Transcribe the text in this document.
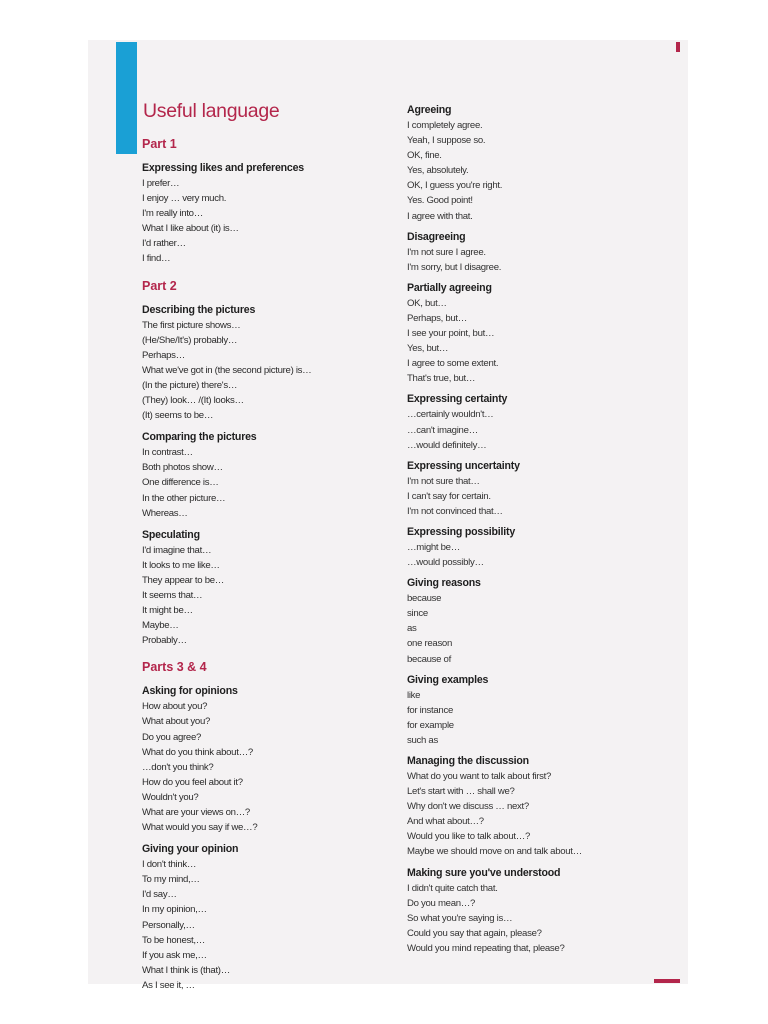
Useful language
Part 1
Expressing likes and preferences
I prefer…
I enjoy … very much.
I'm really into…
What I like about (it) is…
I'd rather…
I find…
Part 2
Describing the pictures
The first picture shows…
(He/She/It's) probably…
Perhaps…
What we've got in (the second picture) is…
(In the picture) there's…
(They) look… /(It) looks…
(It) seems to be…
Comparing the pictures
In contrast…
Both photos show…
One difference is…
In the other picture…
Whereas…
Speculating
I'd imagine that…
It looks to me like…
They appear to be…
It seems that…
It might be…
Maybe…
Probably…
Parts 3 & 4
Asking for opinions
How about you?
What about you?
Do you agree?
What do you think about…?
…don't you think?
How do you feel about it?
Wouldn't you?
What are your views on…?
What would you say if we…?
Giving your opinion
I don't think…
To my mind,…
I'd say…
In my opinion,…
Personally,…
To be honest,…
If you ask me,…
What I think is (that)…
As I see it, …
Agreeing
I completely agree.
Yeah, I suppose so.
OK, fine.
Yes, absolutely.
OK, I guess you're right.
Yes. Good point!
I agree with that.
Disagreeing
I'm not sure I agree.
I'm sorry, but I disagree.
Partially agreeing
OK, but…
Perhaps, but…
I see your point, but…
Yes, but…
I agree to some extent.
That's true, but…
Expressing certainty
…certainly wouldn't…
…can't imagine…
…would definitely…
Expressing uncertainty
I'm not sure that…
I can't say for certain.
I'm not convinced that…
Expressing possibility
…might be…
…would possibly…
Giving reasons
because
since
as
one reason
because of
Giving examples
like
for instance
for example
such as
Managing the discussion
What do you want to talk about first?
Let's start with … shall we?
Why don't we discuss … next?
And what about…?
Would you like to talk about…?
Maybe we should move on and talk about…
Making sure you've understood
I didn't quite catch that.
Do you mean…?
So what you're saying is…
Could you say that again, please?
Would you mind repeating that, please?
